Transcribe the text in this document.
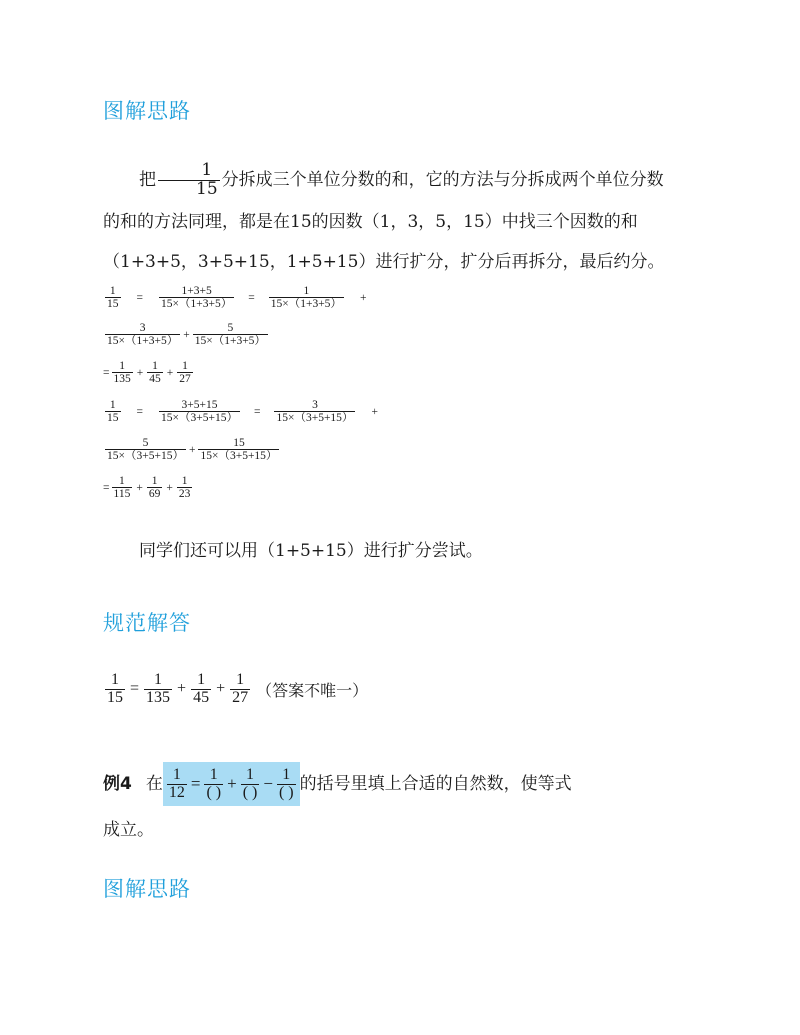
图解思路
把 $\frac{1}{15}$ 分拆成三个单位分数的和，它的方法与分拆成两个单位分数
的和的方法同理，都是在15的因数（1，3，5，15）中找三个因数的和
（1+3+5，3+5+15，1+5+15）进行扩分，扩分后再拆分，最后约分。
$\frac{1}{15} = \frac{1+3+5}{15\times(1+3+5)} = \frac{1}{15\times(1+3+5)}$ +
$\frac{3}{15\times(1+3+5)} + \frac{5}{15\times(1+3+5)}$
= $\frac{1}{135} + \frac{1}{45} + \frac{1}{27}$
$\frac{1}{15} = \frac{3+5+15}{15\times(3+5+15)} = \frac{3}{15\times(3+5+15)}$ +
$\frac{5}{15\times(3+5+15)} + \frac{15}{15\times(3+5+15)}$
= $\frac{1}{115} + \frac{1}{69} + \frac{1}{23}$
同学们还可以用（1+5+15）进行扩分尝试。
规范解答
$\frac{1}{15} = \frac{1}{135} + \frac{1}{45} + \frac{1}{27}$ （答案不唯一）
例4 在 $\frac{1}{12} = \frac{1}{( )} + \frac{1}{( )} - \frac{1}{( )}$ 的括号里填上合适的自然数，使等式
成立。
图解思路
